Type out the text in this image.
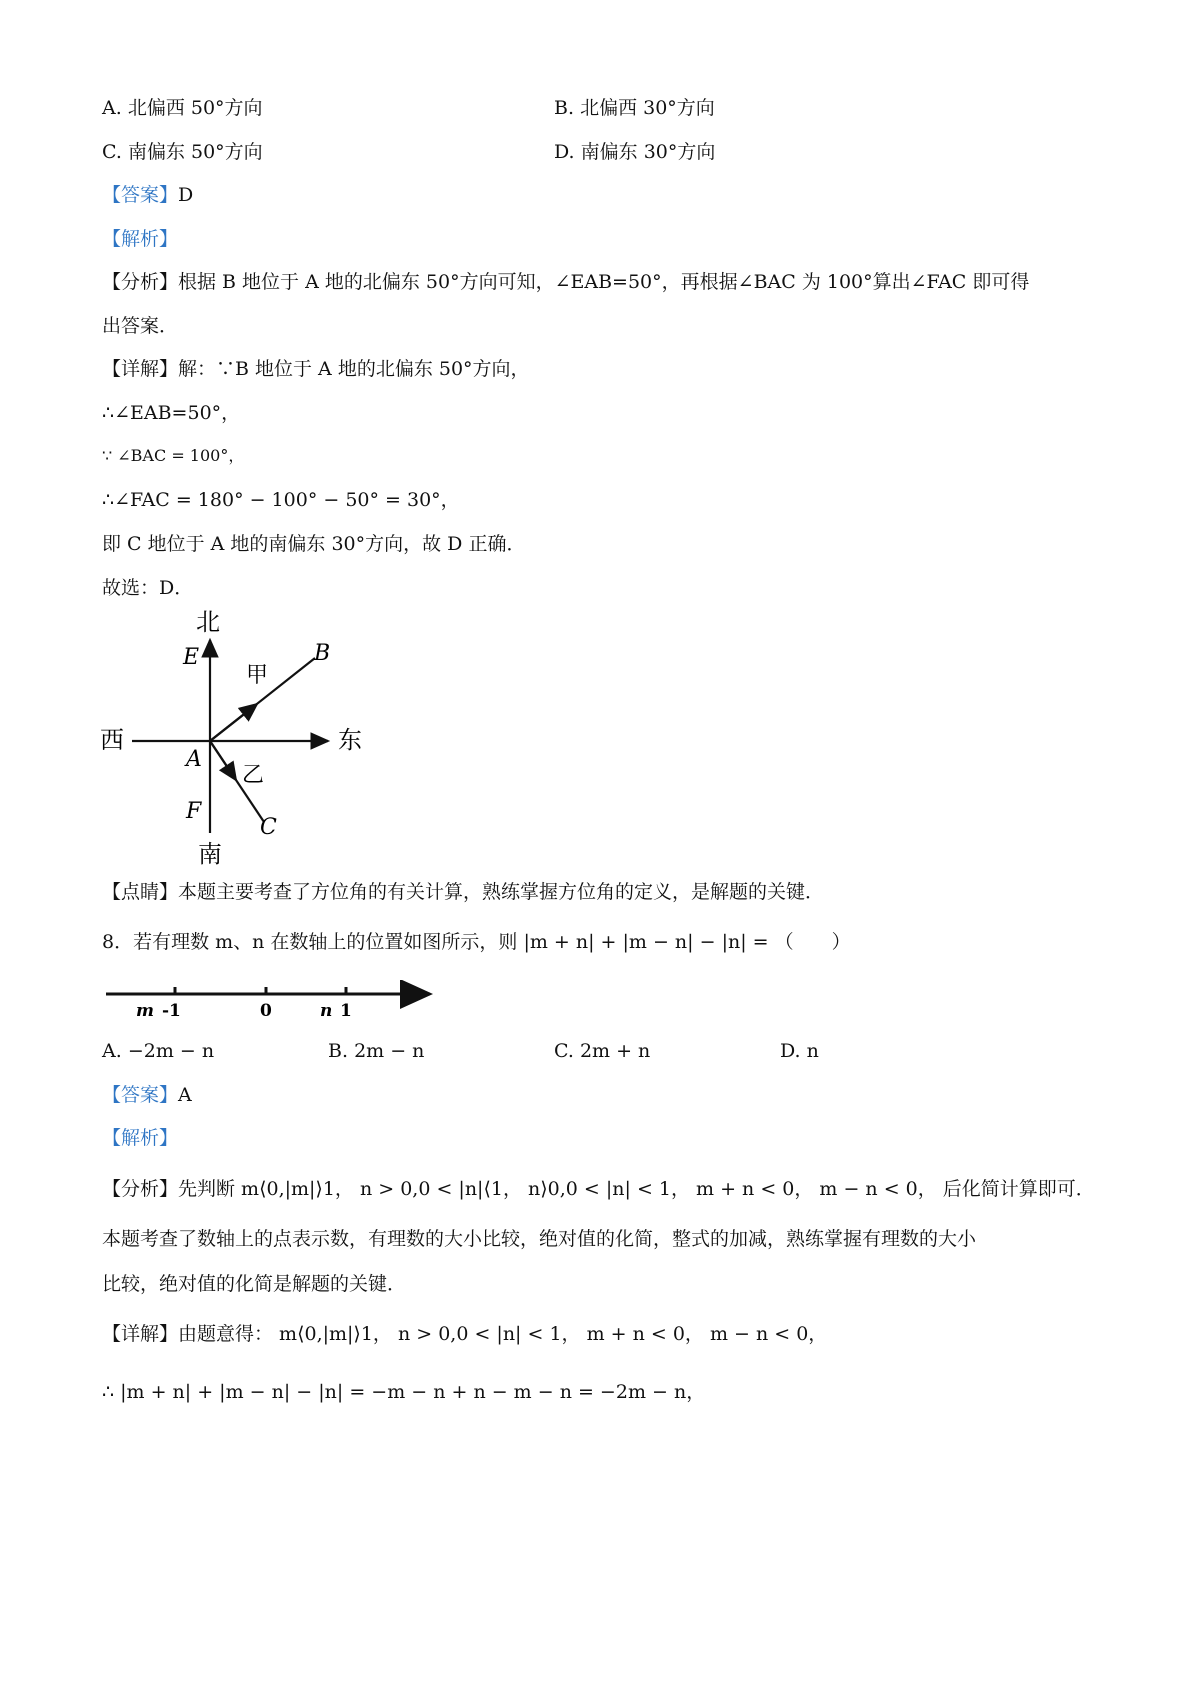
A. 北偏西 50°方向	B. 北偏西 30°方向
C. 南偏东 50°方向	D. 南偏东 30°方向
【答案】D
【解析】
【分析】根据 B 地位于 A 地的北偏东 50°方向可知，∠EAB=50°，再根据∠BAC 为 100°算出∠FAC 即可得
出答案．
【详解】解：∵B 地位于 A 地的北偏东 50°方向，
∴∠EAB=50°，
∵ ∠BAC = 100°，
∴∠FAC = 180° − 100° − 50° = 30°，
即 C 地位于 A 地的南偏东 30°方向，故 D 正确．
故选：D．
北
南
西	东
E
F
A
B
C
甲
乙
【点睛】本题主要考查了方位角的有关计算，熟练掌握方位角的定义，是解题的关键．
8．若有理数 m、n 在数轴上的位置如图所示，则 |m + n| + |m − n| − |n| = （　　）
m -1	0	n 1
A. −2m − n	B. 2m − n	C. 2m + n	D. n
【答案】A
【解析】
【分析】先判断 m⟨0,|m|⟩1， n > 0,0 < |n|⟨1， n⟩0,0 < |n| < 1， m + n < 0， m − n < 0， 后化简计算即可．
本题考查了数轴上的点表示数，有理数的大小比较，绝对值的化简，整式的加减，熟练掌握有理数的大小
比较，绝对值的化简是解题的关键．
【详解】由题意得： m⟨0,|m|⟩1， n > 0,0 < |n| < 1， m + n < 0， m − n < 0，
∴ |m + n| + |m − n| − |n| = −m − n + n − m − n = −2m − n，
